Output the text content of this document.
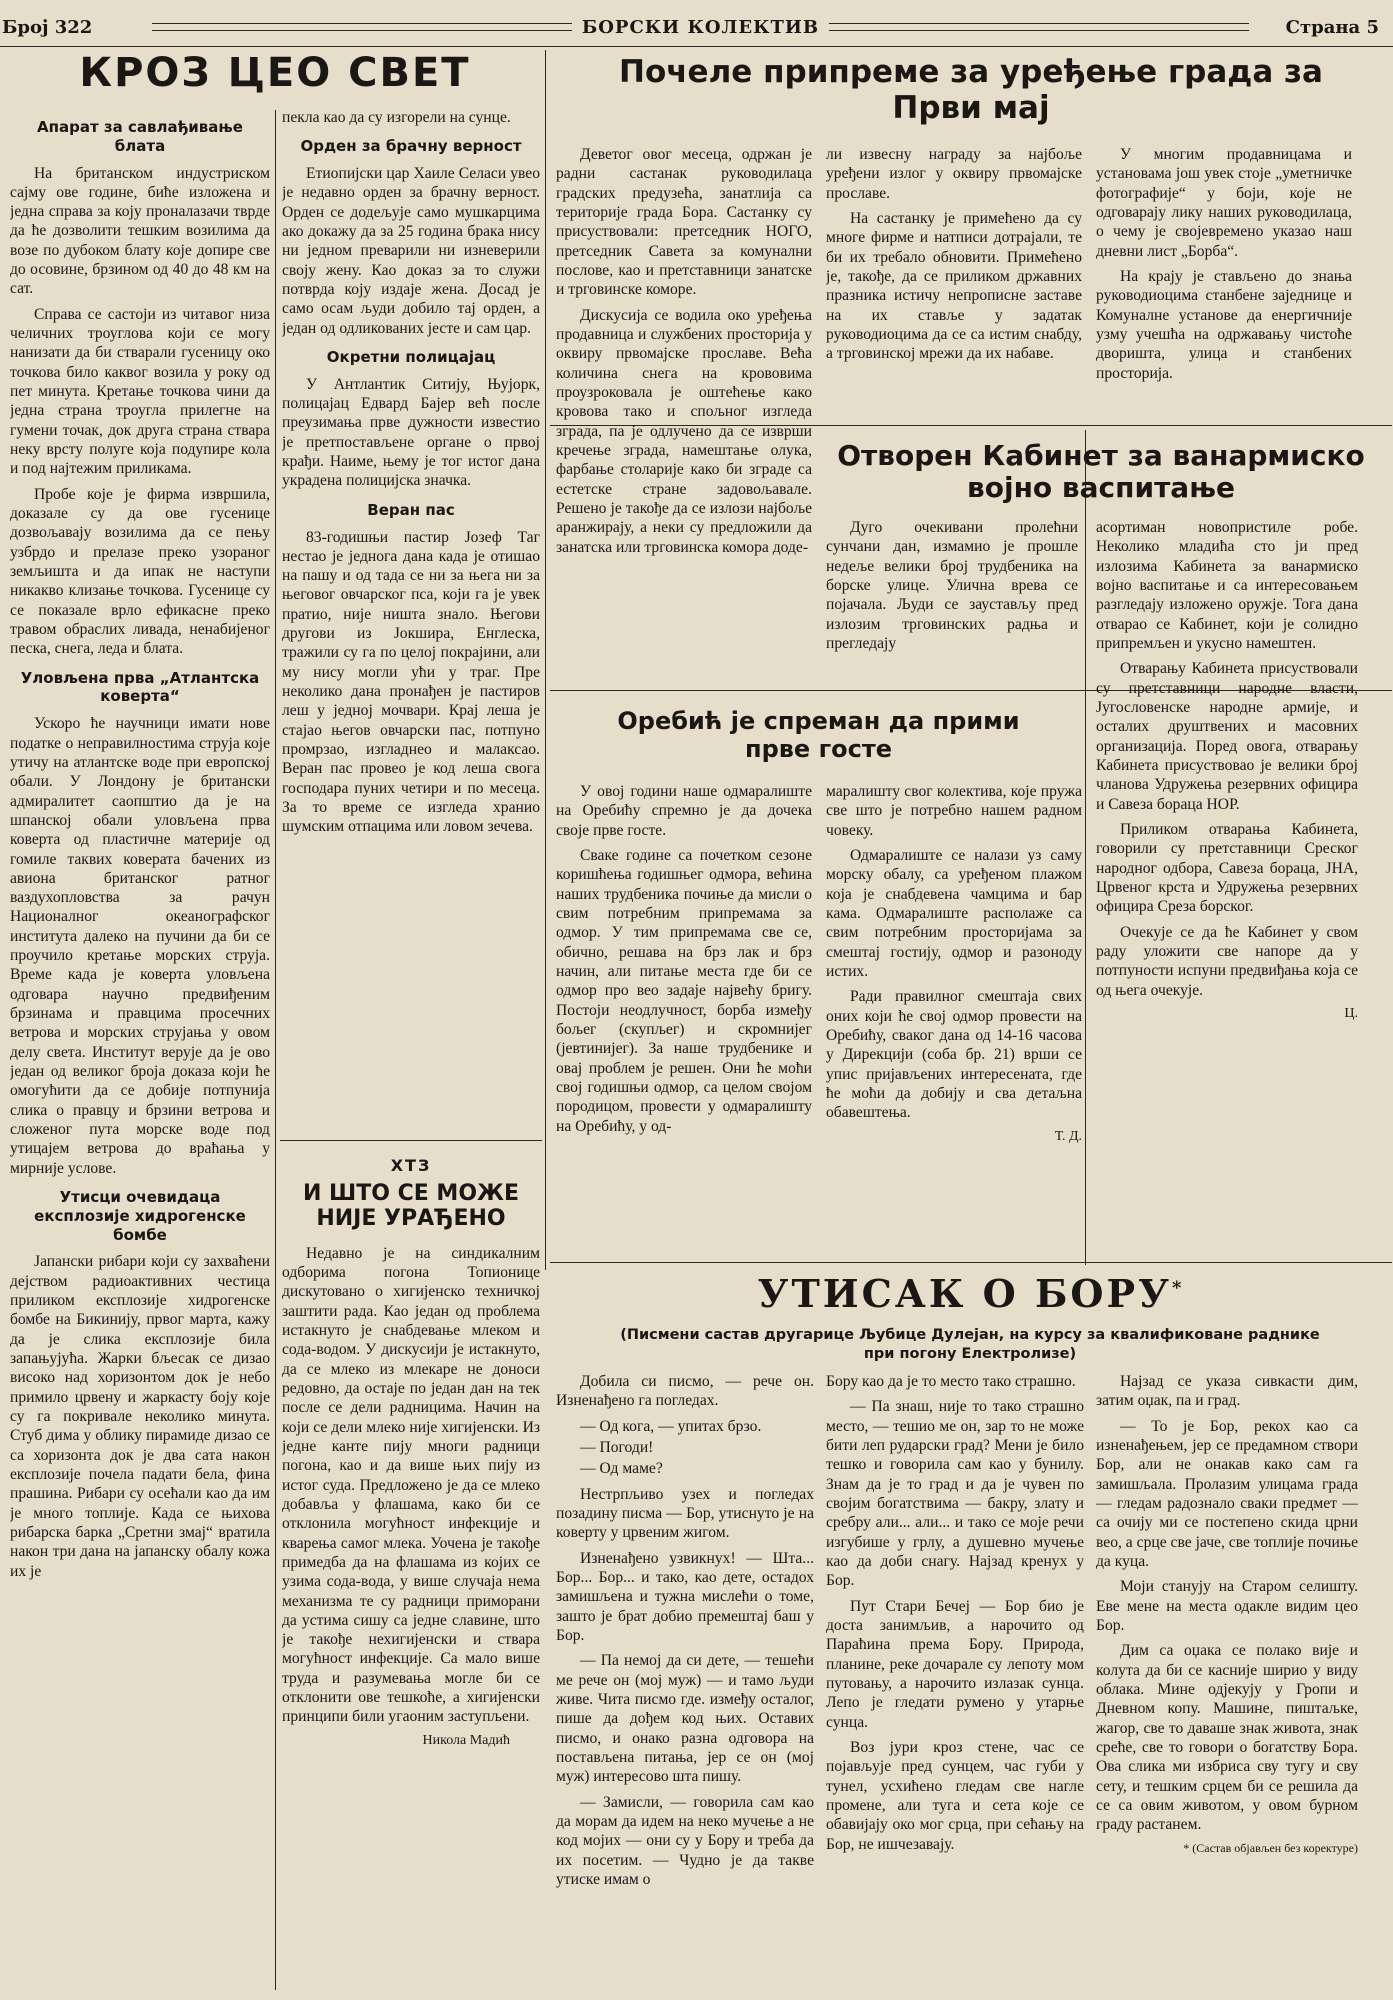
Број 322	БОРСКИ КОЛЕКТИВ	Страна 5
КРОЗ ЦЕО СВЕТ
Апарат за савлађивање блата

На британском индустриском сајму ове године, биће изложена и једна справа за коју проналазачи тврде да ће дозволити тешким возилима да возе по дубоком блату које допире све до осовине, брзином од 40 до 48 км на сат.

Справа се састоји из читавог низа челичних троуглова који се могу нанизати да би стварали гусеницу око точкова било каквог возила у року од пет минута. Кретање точкова чини да једна страна троугла прилегне на гумени точак, док друга страна ствара неку врсту полуге која подупире кола и под најтежим приликама.

Пробе које је фирма извршила, доказале су да ове гусенице дозвољавају возилима да се пењу узбрдо и прелазе преко узораног земљишта и да ипак не наступи никакво клизање точкова. Гусенице су се показале врло ефикасне преко травом обраслих ливада, ненабијеног песка, снега, леда и блата.

Уловљена прва „Атлантска коверта“

Ускоро ће научници имати нове податке о неправилностима струја које утичу на атлантске воде при европској обали. У Лондону је британски адмиралитет саопштио да је на шпанској обали уловљена прва коверта од пластичне материје од гомиле таквих коверата бачених из авиона британског ратног ваздухопловства за рачун Националног океанографског института далеко на пучини да би се проучило кретање морских струја. Време када је коверта уловљена одговара научно предвиђеним брзинама и правцима просечних ветрова и морских струјања у овом делу света. Институт верује да је ово један од великог броја доказа који ће омогућити да се добије потпунија слика о правцу и брзини ветрова и сложеног пута морске воде под утицајем ветрова до враћања у мирније услове.

Утисци очевидаца експлозије хидрогенске бомбе

Јапански рибари који су захваћени дејством радиоактивних честица приликом експлозије хидрогенске бомбе на Бикинију, првог марта, кажу да је слика експлозије била запањујућа. Жарки бљесак се дизао високо над хоризонтом док је небо примило црвену и жаркасту боју које су га покривале неколико минута. Стуб дима у облику пирамиде дизао се са хоризонта док је два сата након експлозије почела падати бела, фина прашина. Рибари су осећали као да им је много топлије. Када се њихова рибарска барка „Сретни змај“ вратила након три дана на јапанску обалу кожа их је

пекла као да су изгорели на сунце.

Орден за брачну верност

Етиопијски цар Хаиле Селаси увео је недавно орден за брачну верност. Орден се додељује само мушкарцима ако докажу да за 25 година брака нису ни једном преварили ни изневерили своју жену. Као доказ за то служи потврда коју издаје жена. Досад је само осам људи добило тај орден, а један од одликованих јесте и сам цар.

Окретни полицајац

У Антлантик Ситију, Њујорк, полицајац Едвард Бајер већ после преузимања прве дужности известио је претпостављене органе о првој крађи. Наиме, њему је тог истог дана украдена полицијска значка.

Веран пас

83-годишњи пастир Јозеф Таг нестао је једнога дана када је отишао на пашу и од тада се ни за њега ни за његовог овчарског пса, који га је увек пратио, није ништа знало. Његови другови из Јокшира, Енглеска, тражили су га по целој покрајини, али му нису могли ући у траг. Пре неколико дана пронађен је пастиров леш у једној мочвари. Крај леша је стајао његов овчарски пас, потпуно промрзао, изгладнео и малаксао. Веран пас провео је код леша свога господара пуних четири и по месеца. За то време се изгледа хранио шумским отпацима или ловом зечева.

ХТЗ
И ШТО СЕ МОЖЕ НИЈЕ УРАЂЕНО

Недавно је на синдикалним одборима погона Топионице дискутовано о хигијенско техничкој заштити рада. Као један од проблема истакнуто је снабдевање млеком и сода-водом. У дискусији је истакнуто, да се млеко из млекаре не доноси редовно, да остаје по један дан на тек после се дели радницима. Начин на који се дели млеко није хигијенски. Из једне канте пију многи радници погона, као и да више њих пију из истог суда. Предложено је да се млеко добавља у флашама, како би се отклонила могућност инфекције и кварења самог млека. Уочена је такође примедба да на флашама из којих се узима сода-вода, у више случаја нема механизма те су радници приморани да устима сишу са једне славине, што је такође нехигијенски и ствара могућност инфекције. Са мало више труда и разумевања могле би се отклонити ове тешкоће, а хигијенски принципи били угаоним заступљени.

Никола Мадић
Почеле припреме за уређење града за Први мај

Деветог овог месеца, одржан је радни састанак руководилаца градских предузећа, занатлија са територије града Бора. Састанку су присуствовали: претседник НОГО, претседник Савета за комунални послове, као и претставници занатске и трговинске коморе.

Дискусија се водила око уређења продавница и службених просторија у оквиру првомајске прославе. Већа количина снега на крововима проузроковала је оштећење како кровова тако и спољног изгледа зграда, па је одлучено да се изврши кречење зграда, намештање олука, фарбање столарије како би зграде са естетске стране задовољавале. Решено је такође да се излози најбоље аранжирају, а неки су предложили да занатска или трговинска комора доде-

ли извесну награду за најбоље уређени излог у оквиру првомајске прославе.

На састанку је примећено да су многе фирме и натписи дотрајали, те би их требало обновити. Примећено је, такође, да се приликом државних празника истичу непрописне заставе на их ставље у задатак руководиоцима да се са истим снабду, а трговинској мрежи да их набаве.

У многим продавницама и установама још увек стоје „уметничке фотографије“ у боји, које не одговарају лику наших руководилаца, о чему је својевремено указао наш дневни лист „Борба“.

На крају је стављено до знања руководиоцима станбене заједнице и Комуналне установе да енергичније узму учешћа на одржавању чистоће дворишта, улица и станбених просторија.

Отворен Кабинет за ванармиско војно васпитање

Дуго очекивани пролећни сунчани дан, измамио је прошле недеље велики број трудбеника на борске улице. Улична врева се појачала. Људи се заустављу пред излозим трговинских радња и прегледају

асортиман новопристиле робе. Неколико младића сто ји пред излозима Кабинета за ванармиско војно васпитање и са интересовањем разгледају изложено оружје. Тога дана отварао се Кабинет, који је солидно припремљен и укусно намештен.

Отварању Кабинета присуствовали су претставници народне власти, Југословенске народне армије, и осталих друштвених и масовних организација. Поред овога, отварању Кабинета присуствовао је велики број чланова Удружења резервних официра и Савеза бораца НОР.

Приликом отварања Кабинета, говорили су претставници Среског народног одбора, Савеза бораца, ЈНА, Црвеног крста и Удружења резервних официра Среза борског.

Очекује се да ће Кабинет у свом раду уложити све напоре да у потпуности испуни предвиђања која се од њега очекује.

Ц.
Оребић је спреман да прими прве госте

У овој години наше одмаралиште на Оребићу спремно је да дочека своје прве госте.

Сваке године са почетком сезоне коришћења годишњег одмора, већина наших трудбеника почиње да мисли о свим потребним припремама за одмор. У тим припремама све се, обично, решава на брз лак и брз начин, али питање места где би се одмор про вео задаје највећу бригу. Постоји неодлучност, борба између бољег (скупљег) и скромнијег (јевтинијег). За наше трудбенике и овај проблем је решен. Они ће моћи свој годишњи одмор, са целом својом породицом, провести у одмаралишту на Оребићу, у од-

маралишту свог колектива, које пружа све што је потребно нашем радном човеку.

Одмаралиште се налази уз саму морску обалу, са уређеном плажом која је снабдевена чамцима и бар кама. Одмаралиште располаже са свим потребним просторијама за смештај гостију, одмор и разоноду истих.

Ради правилног смештаја свих оних који ће свој одмор провести на Оребићу, сваког дана од 14-16 часова у Дирекцији (соба бр. 21) врши се упис пријављених интересената, где ће моћи да добију и сва детаљна обавештења.

Т. Д.
УТИСАК О БОРУ*
(Писмени састав другарице Љубице Дулејан, на курсу за квалификоване раднике при погону Електролизе)

Добила си писмо, — рече он. Изненађено га погледах.

— Од кога, — упитах брзо.

— Погоди!

— Од маме?

Нестрпљиво узех и погледах позадину писма — Бор, утиснуто је на коверту у црвеним жигом.

Изненађено узвикнух! — Шта... Бор... Бор... и тако, као дете, остадох замишљена и тужна мислећи о томе, зашто је брат добио премештај баш у Бор.

— Па немој да си дете, — тешећи ме рече он (мој муж) — и тамо људи живе. Чита писмо где. између осталог, пише да дођем код њих. Оставих писмо, и онако разна одговора на постављена питања, јер се он (мој муж) интересово шта пишу.

— Замисли, — говорила сам као да морам да идем на неко мучење а не код мојих — они су у Бору и треба да их посетим. — Чудно је да такве утиске имам о

Бору као да је то место тако страшно.

— Па знаш, није то тако страшно место, — тешио ме он, зар то не може бити леп рударски град? Мени је било тешко и говорила сам као у бунилу. Знам да је то град и да је чувен по својим богатствима — бакру, злату и сребру али... али... и тако се моје речи изгубише у грлу, а душевно мучење као да доби снагу. Најзад кренух у Бор.

Пут Стари Бечеј — Бор био је доста занимљив, а нарочито од Параћина према Бору. Природа, планине, реке дочарале су лепоту мом путовању, а нарочито излазак сунца. Лепо је гледати румено у утарње сунца.

Воз јури кроз стене, час се појављује пред сунцем, час губи у тунел, усхићено гледам све нагле промене, али туга и сета које се обавијају око мог срца, при сећању на Бор, не ишчезавају.

Најзад се указа сивкасти дим, затим оџак, па и град.

— То је Бор, рекох као са изненађењем, јер се предамном створи Бор, али не онакав како сам га замишљала. Пролазим улицама града — гледам радознало сваки предмет — са очију ми се постепено скида црни вео, а срце све јаче, све топлије почиње да куца.

Моји станују на Старом селишту. Еве мене на места одакле видим цео Бор.

Дим са оџака се полако вије и колута да би се касније ширио у виду облака. Мине одјекују у Гропи и Дневном копу. Машине, пиштаљке, жагор, све то даваше знак живота, знак среће, све то говори о богатству Бора. Ова слика ми избриса сву тугу и сву сету, и тешким срцем би се решила да се са овим животом, у овом бурном граду растанем.

* (Састав објављен без коректуре)
